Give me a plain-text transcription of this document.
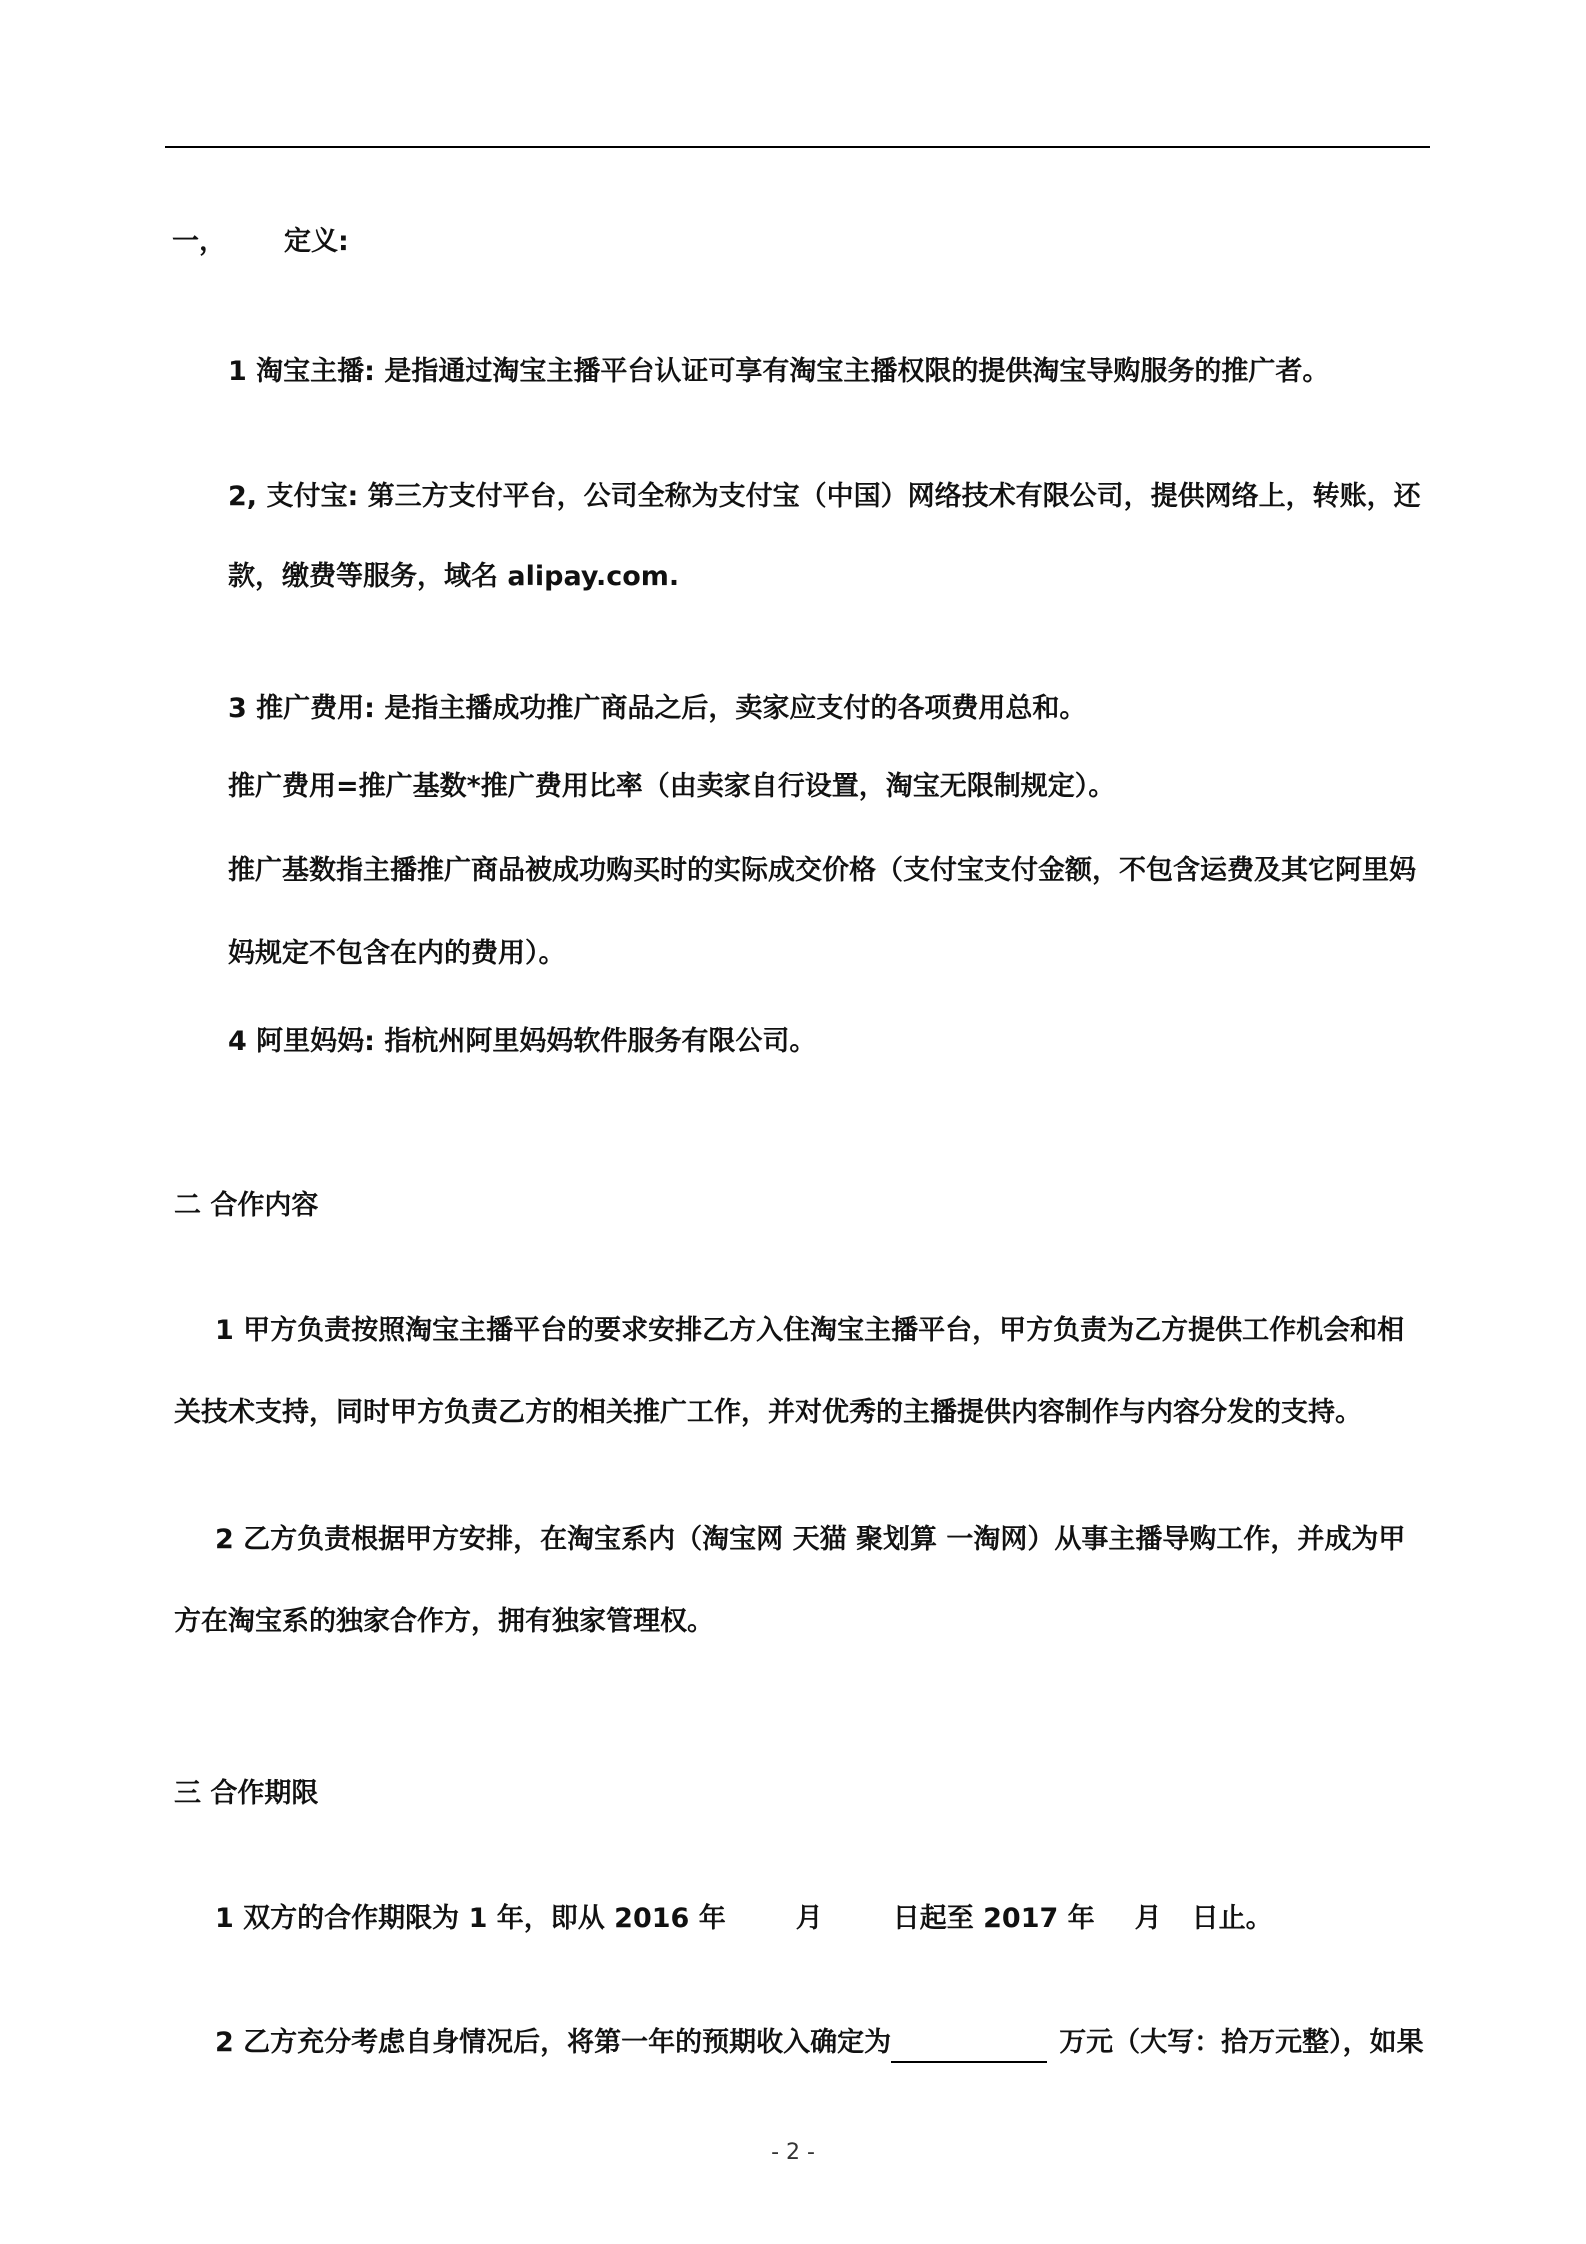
一， 定义:
1 淘宝主播: 是指通过淘宝主播平台认证可享有淘宝主播权限的提供淘宝导购服务的推广者。
2, 支付宝: 第三方支付平台，公司全称为支付宝（中国）网络技术有限公司，提供网络上，转账，还
款，缴费等服务，域名 alipay.com.
3 推广费用: 是指主播成功推广商品之后，卖家应支付的各项费用总和。
推广费用=推广基数*推广费用比率（由卖家自行设置，淘宝无限制规定）。
推广基数指主播推广商品被成功购买时的实际成交价格（支付宝支付金额，不包含运费及其它阿里妈
妈规定不包含在内的费用）。
4 阿里妈妈: 指杭州阿里妈妈软件服务有限公司。
二 合作内容
1 甲方负责按照淘宝主播平台的要求安排乙方入住淘宝主播平台，甲方负责为乙方提供工作机会和相
关技术支持，同时甲方负责乙方的相关推广工作，并对优秀的主播提供内容制作与内容分发的支持。
2 乙方负责根据甲方安排，在淘宝系内（淘宝网 天猫 聚划算 一淘网）从事主播导购工作，并成为甲
方在淘宝系的独家合作方，拥有独家管理权。
三 合作期限
1 双方的合作期限为 1 年，即从 2016 年	月	日起至 2017 年 月 日止。
2 乙方充分考虑自身情况后，将第一年的预期收入确定为	万元（大写：拾万元整），如果
- 2 -
